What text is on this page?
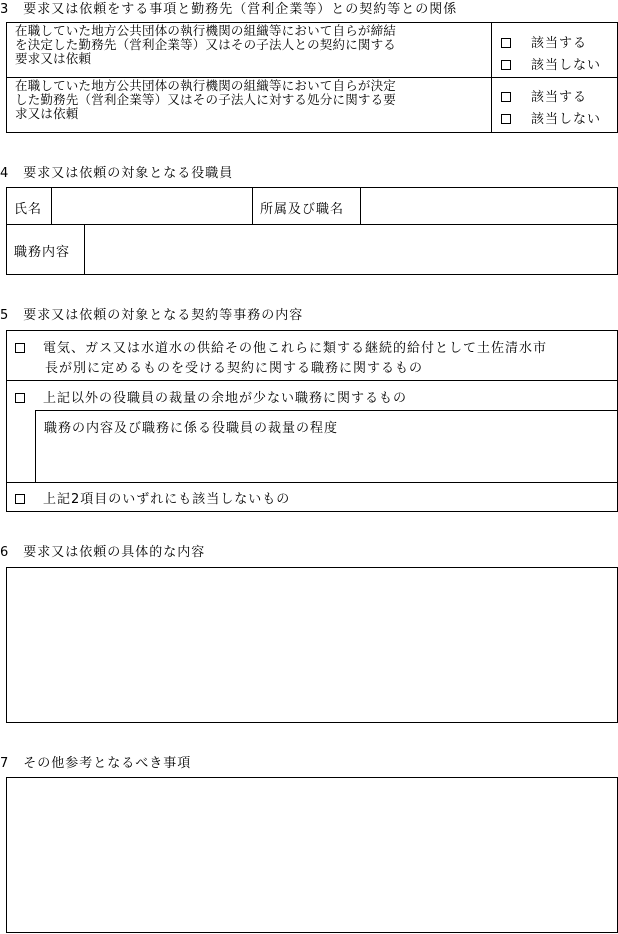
3　要求又は依頼をする事項と勤務先（営利企業等）との契約等との関係
在職していた地方公共団体の執行機関の組織等において自らが締結
を決定した勤務先（営利企業等）又はその子法人との契約に関する
要求又は依頼
該当する
該当しない
在職していた地方公共団体の執行機関の組織等において自らが決定
した勤務先（営利企業等）又はその子法人に対する処分に関する要
求又は依頼
該当する
該当しない
4　要求又は依頼の対象となる役職員
氏名	所属及び職名
職務内容
5　要求又は依頼の対象となる契約等事務の内容
電気、ガス又は水道水の供給その他これらに類する継続的給付として土佐清水市
長が別に定めるものを受ける契約に関する職務に関するもの
上記以外の役職員の裁量の余地が少ない職務に関するもの
職務の内容及び職務に係る役職員の裁量の程度
上記2項目のいずれにも該当しないもの
6　要求又は依頼の具体的な内容
7　その他参考となるべき事項
